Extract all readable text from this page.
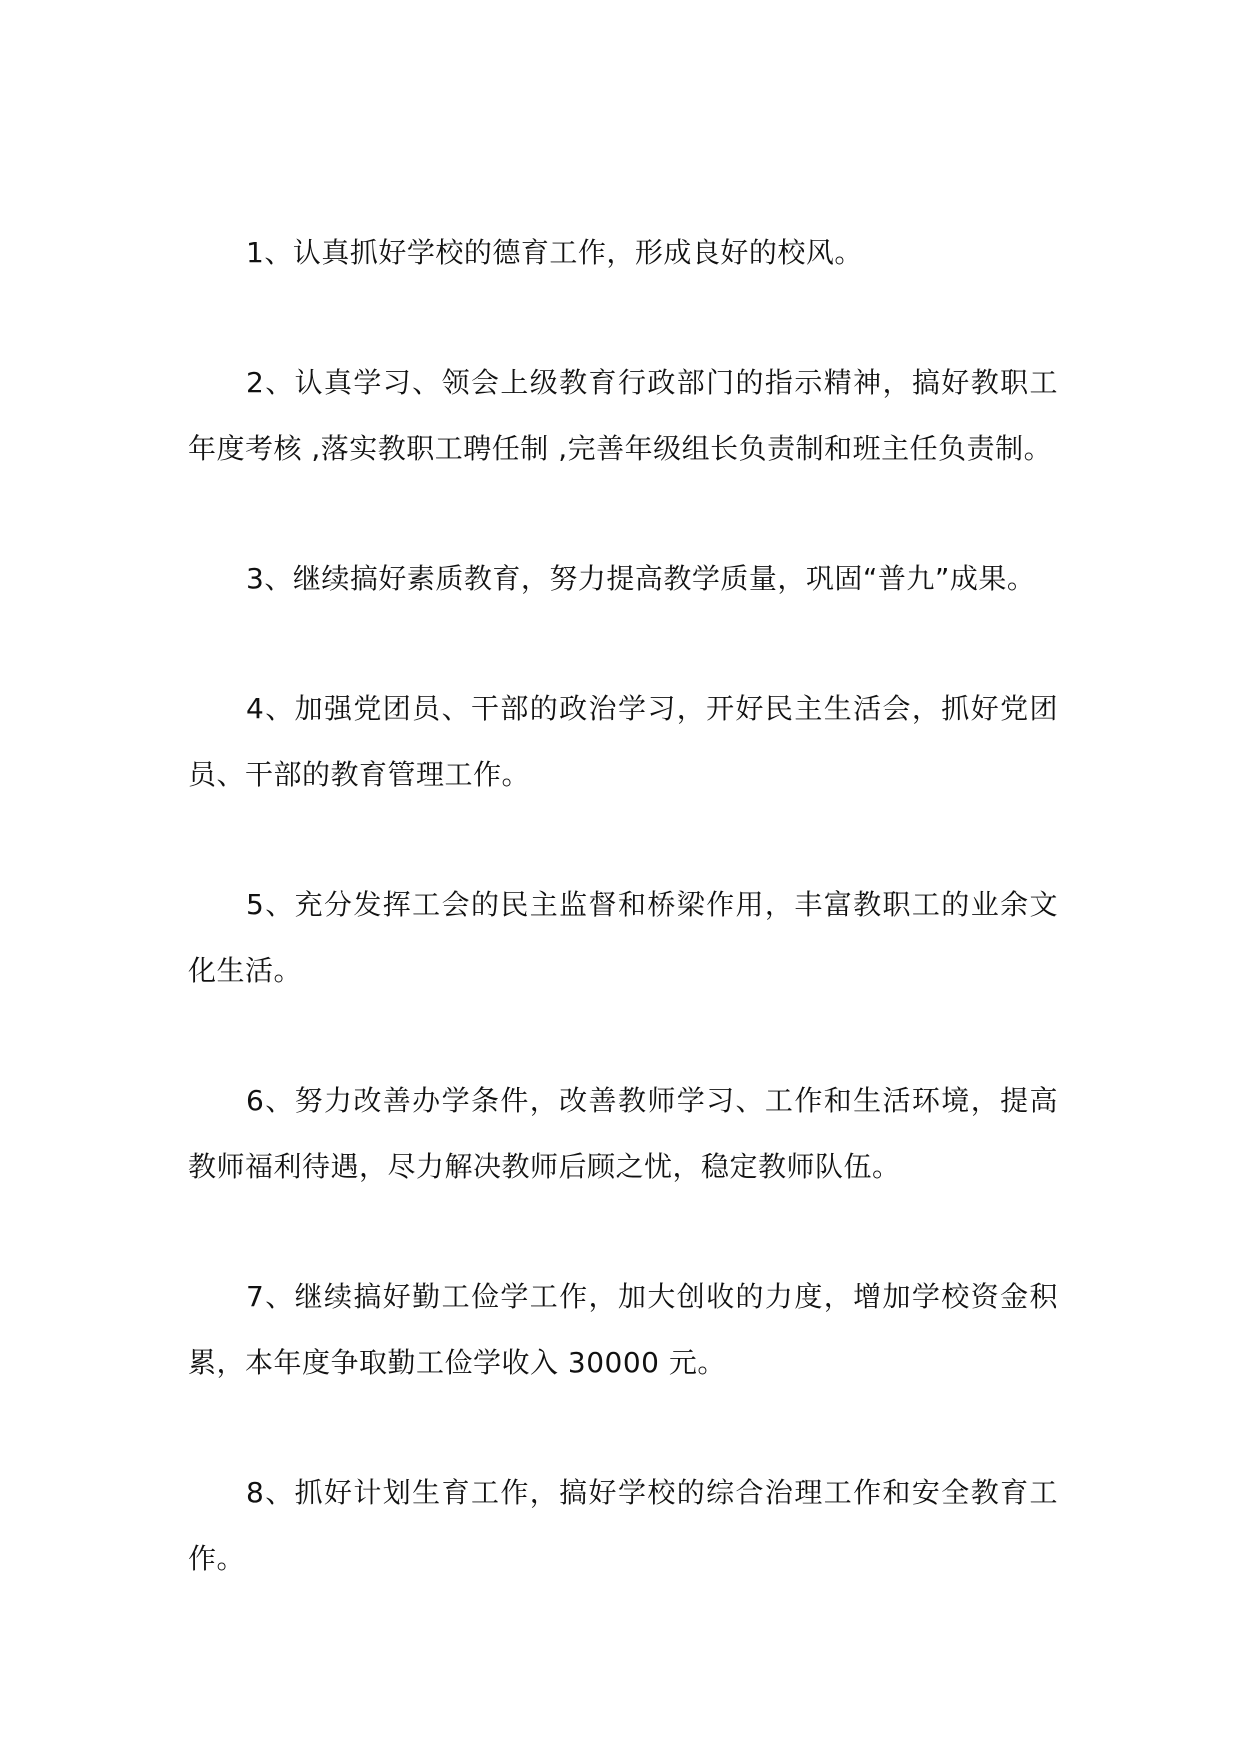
1、认真抓好学校的德育工作，形成良好的校风。

2、认真学习、领会上级教育行政部门的指示精神，搞好教职工年度考核 ,落实教职工聘任制 ,完善年级组长负责制和班主任负责制。

3、继续搞好素质教育，努力提高教学质量，巩固“普九”成果。

4、加强党团员、干部的政治学习，开好民主生活会，抓好党团员、干部的教育管理工作。

5、充分发挥工会的民主监督和桥梁作用，丰富教职工的业余文化生活。

6、努力改善办学条件，改善教师学习、工作和生活环境，提高教师福利待遇，尽力解决教师后顾之忧，稳定教师队伍。

7、继续搞好勤工俭学工作，加大创收的力度，增加学校资金积累，本年度争取勤工俭学收入 30000 元。

8、抓好计划生育工作，搞好学校的综合治理工作和安全教育工作。
